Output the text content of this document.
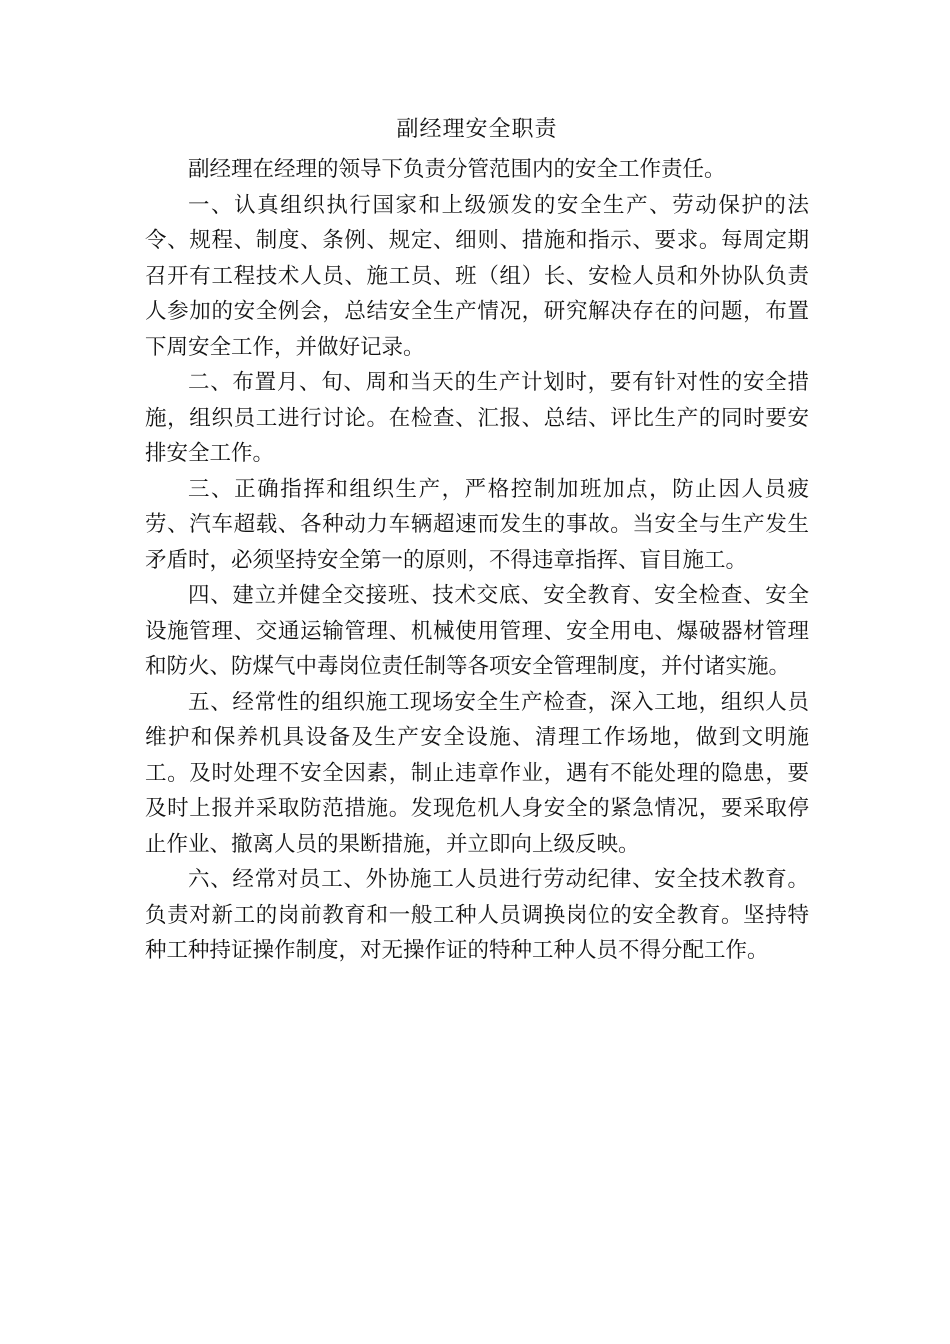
副经理安全职责

副经理在经理的领导下负责分管范围内的安全工作责任。

一、认真组织执行国家和上级颁发的安全生产、劳动保护的法令、规程、制度、条例、规定、细则、措施和指示、要求。每周定期召开有工程技术人员、施工员、班（组）长、安检人员和外协队负责人参加的安全例会，总结安全生产情况，研究解决存在的问题，布置下周安全工作，并做好记录。

二、布置月、旬、周和当天的生产计划时，要有针对性的安全措施，组织员工进行讨论。在检查、汇报、总结、评比生产的同时要安排安全工作。

三、正确指挥和组织生产，严格控制加班加点，防止因人员疲劳、汽车超载、各种动力车辆超速而发生的事故。当安全与生产发生矛盾时，必须坚持安全第一的原则，不得违章指挥、盲目施工。

四、建立并健全交接班、技术交底、安全教育、安全检查、安全设施管理、交通运输管理、机械使用管理、安全用电、爆破器材管理和防火、防煤气中毒岗位责任制等各项安全管理制度，并付诸实施。

五、经常性的组织施工现场安全生产检查，深入工地，组织人员维护和保养机具设备及生产安全设施、清理工作场地，做到文明施工。及时处理不安全因素，制止违章作业，遇有不能处理的隐患，要及时上报并采取防范措施。发现危机人身安全的紧急情况，要采取停止作业、撤离人员的果断措施，并立即向上级反映。

六、经常对员工、外协施工人员进行劳动纪律、安全技术教育。负责对新工的岗前教育和一般工种人员调换岗位的安全教育。坚持特种工种持证操作制度，对无操作证的特种工种人员不得分配工作。
